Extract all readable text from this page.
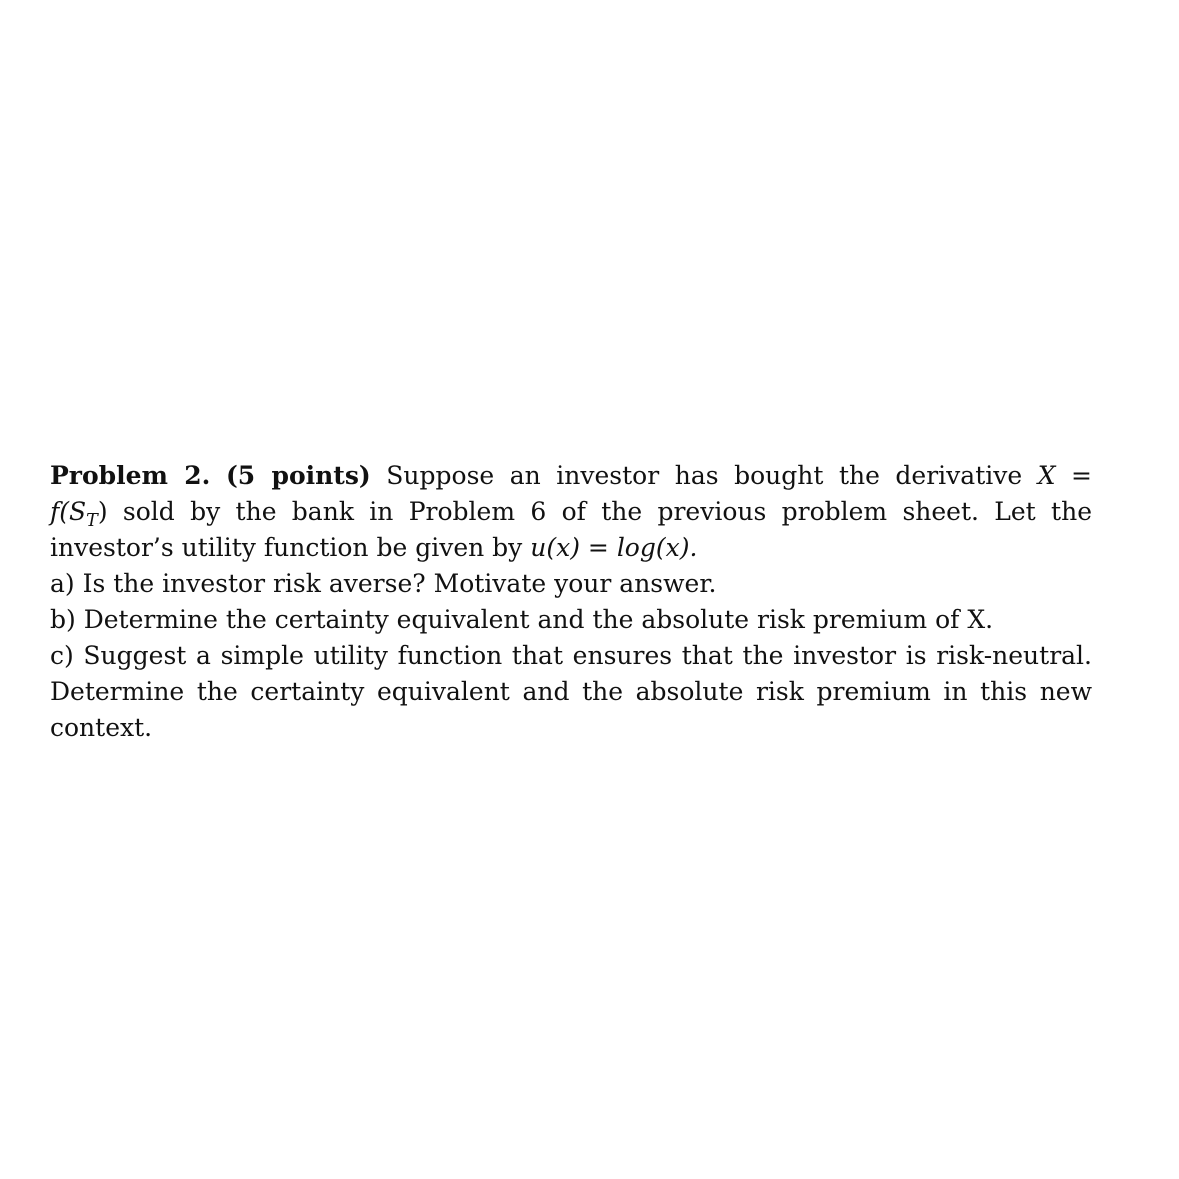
Problem 2. (5 points) Suppose an investor has bought the derivative X =
$f(S_T)$ sold by the bank in Problem 6 of the previous problem sheet. Let the
investor’s utility function be given by u(x) = log(x).
a) Is the investor risk averse? Motivate your answer.
b) Determine the certainty equivalent and the absolute risk premium of X.
c) Suggest a simple utility function that ensures that the investor is risk-neutral.
Determine the certainty equivalent and the absolute risk premium in this new
context.
